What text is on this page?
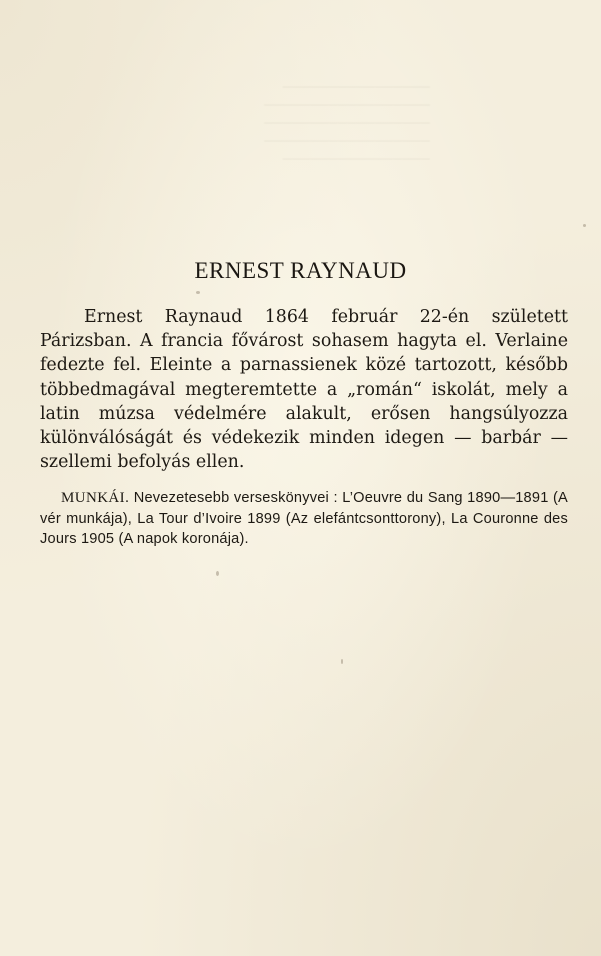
────────────────
──────────────────
──────────────────
──────────────────
────────────────
ERNEST RAYNAUD

Ernest Raynaud 1864 február 22-én született Párizsban. A francia fővárost sohasem hagyta el. Verlaine fedezte fel. Eleinte a parnassienek közé tartozott, később többedmagával megteremtette a „román“ iskolát, mely a latin múzsa védelmére alakult, erősen hangsúlyozza különválóságát és védekezik minden idegen — barbár — szellemi befolyás ellen.

MUNKÁI. Nevezetesebb verseskönyvei : L’Oeuvre du Sang 1890—1891 (A vér munkája), La Tour d’Ivoire 1899 (Az elefántcsonttorony), La Couronne des Jours 1905 (A napok koronája).
